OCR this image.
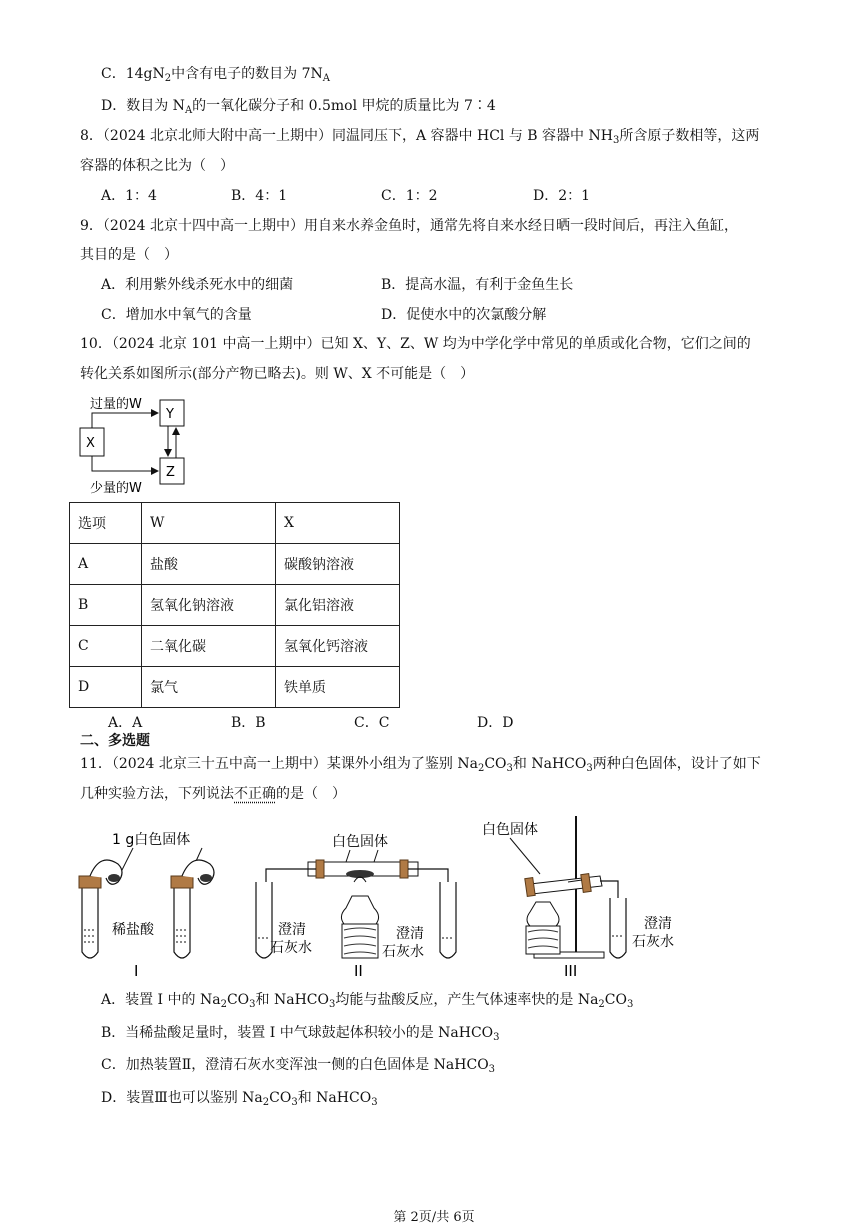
C．$14gN_2$中含有电子的数目为 $7N_A$
D．数目为 $N_A$的一氧化碳分子和 0.5mol 甲烷的质量比为 7∶4
8．（2024 北京北师大附中高一上期中）同温同压下，A 容器中 HCl 与 B 容器中 $NH_3$所含原子数相等，这两
容器的体积之比为（　）
A．1：4	B．4：1	C．1：2	D．2：1
9．（2024 北京十四中高一上期中）用自来水养金鱼时，通常先将自来水经日晒一段时间后，再注入鱼缸，
其目的是（　）
A．利用紫外线杀死水中的细菌	B．提高水温，有利于金鱼生长
C．增加水中氧气的含量	D．促使水中的次氯酸分解
10．（2024 北京 101 中高一上期中）已知 X、Y、Z、W 均为中学化学中常见的单质或化合物，它们之间的
转化关系如图所示(部分产物已略去)。则 W、X 不可能是（　）
过量的W
少量的W
X
Y
Z
选项	W	X
A	盐酸	碳酸钠溶液
B	氢氧化钠溶液	氯化铝溶液
C	二氧化碳	氢氧化钙溶液
D	氯气	铁单质
A．A	B．B	C．C	D．D
二、多选题
11．（2024 北京三十五中高一上期中）某课外小组为了鉴别 $Na_2CO_3$和 NaHCO$_3$两种白色固体，设计了如下
几种实验方法，下列说法不正确的是（　）
1 g白色固体
稀盐酸
I
白色固体
澄清
石灰水
澄清
石灰水
II
白色固体
澄清
石灰水
III
A．装置 I 中的 $Na_2CO_3$和 NaHCO$_3$均能与盐酸反应，产生气体速率快的是 $Na_2CO_3$
B．当稀盐酸足量时，装置 I 中气球鼓起体积较小的是 NaHCO$_3$
C．加热装置Ⅱ，澄清石灰水变浑浊一侧的白色固体是 NaHCO$_3$
D．装置Ⅲ也可以鉴别 $Na_2CO_3$和 NaHCO$_3$
第 2页/共 6页
